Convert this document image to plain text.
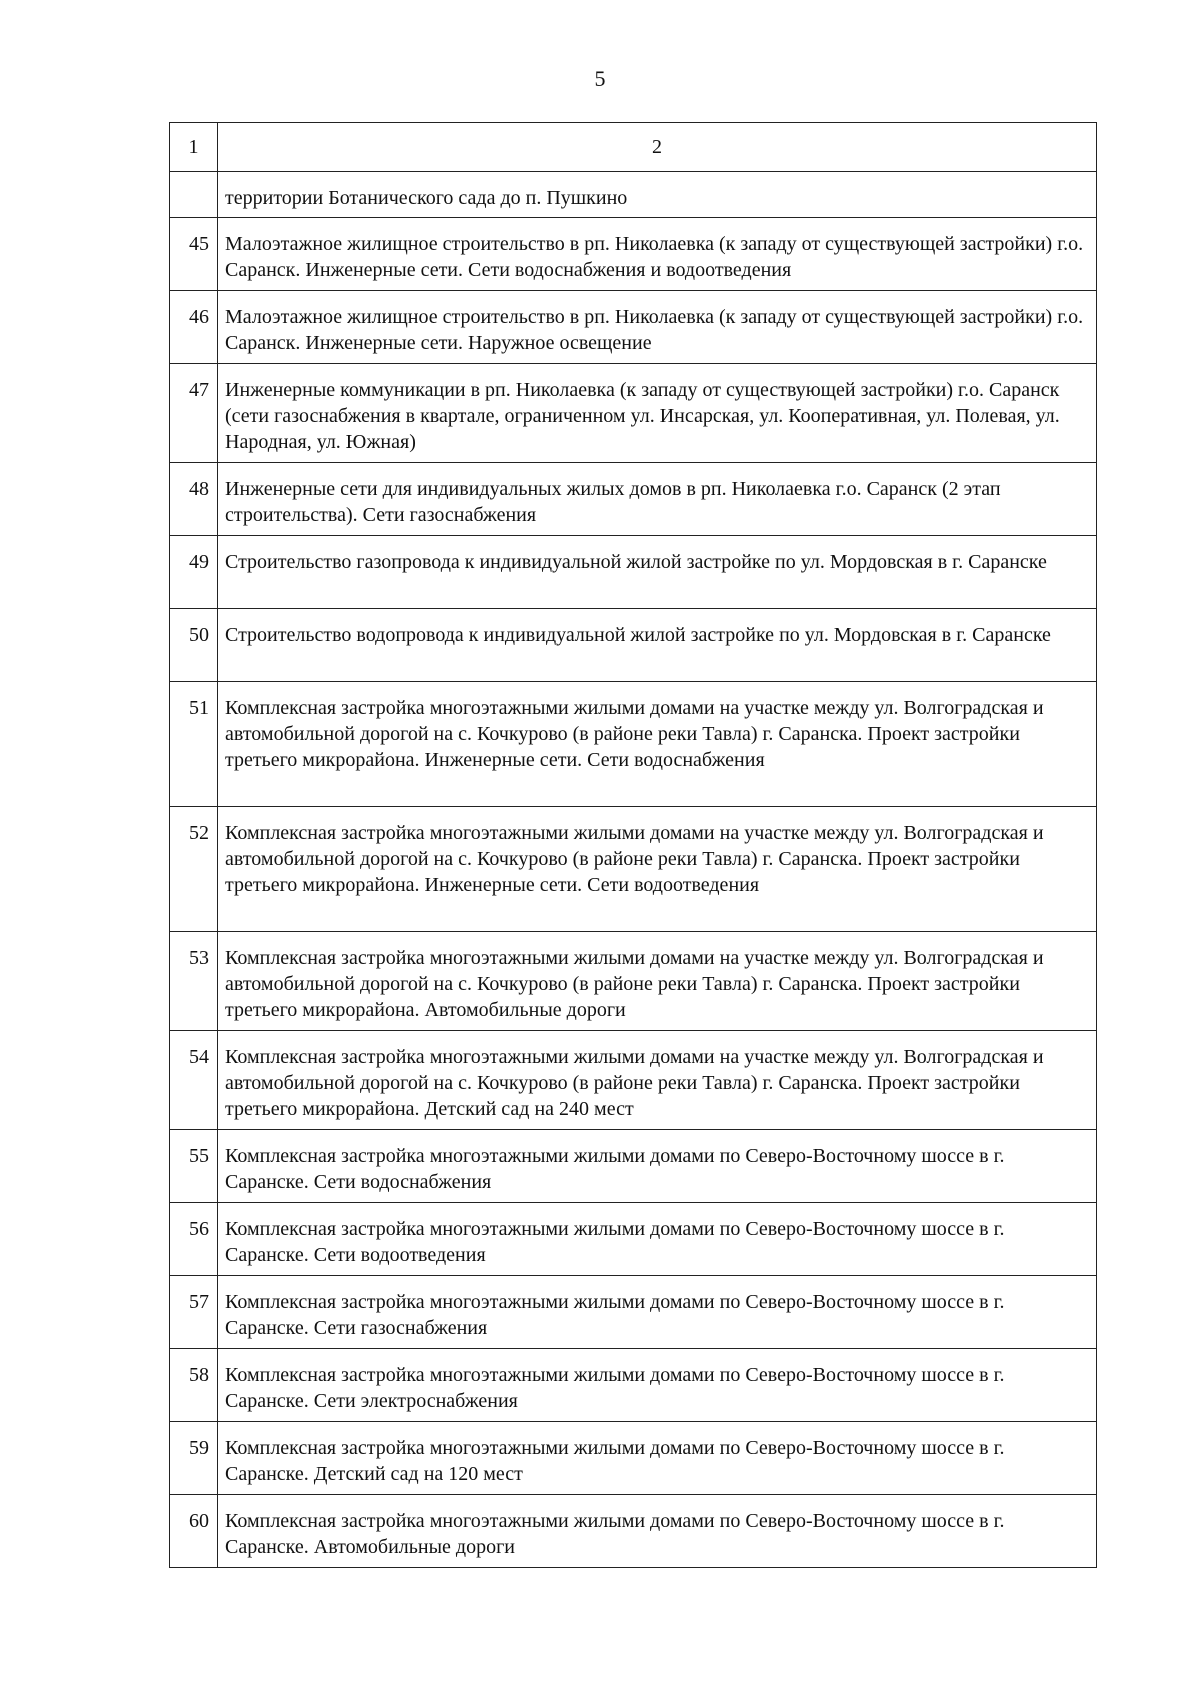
5
1	2
	территории Ботанического сада до п. Пушкино
45	Малоэтажное жилищное строительство в рп. Николаевка (к западу от существующей застройки) г.о. Саранск. Инженерные сети. Сети водоснабжения и водоотведения
46	Малоэтажное жилищное строительство в рп. Николаевка (к западу от существующей застройки) г.о. Саранск. Инженерные сети. Наружное освещение
47	Инженерные коммуникации в рп. Николаевка (к западу от существующей застройки) г.о. Саранск (сети газоснабжения в квартале, ограниченном ул. Инсарская, ул. Кооперативная, ул. Полевая, ул. Народная, ул. Южная)
48	Инженерные сети для индивидуальных жилых домов в рп. Николаевка г.о. Саранск (2 этап строительства). Сети газоснабжения
49	Строительство газопровода к индивидуальной жилой застройке по ул. Мордовская в г. Саранске
50	Строительство водопровода к индивидуальной жилой застройке по ул. Мордовская в г. Саранске
51	Комплексная застройка многоэтажными жилыми домами на участке между ул. Волгоградская и автомобильной дорогой на с. Кочкурово (в районе реки Тавла) г. Саранска. Проект застройки третьего микрорайона. Инженерные сети. Сети водоснабжения
52	Комплексная застройка многоэтажными жилыми домами на участке между ул. Волгоградская и автомобильной дорогой на с. Кочкурово (в районе реки Тавла) г. Саранска. Проект застройки третьего микрорайона. Инженерные сети. Сети водоотведения
53	Комплексная застройка многоэтажными жилыми домами на участке между ул. Волгоградская и автомобильной дорогой на с. Кочкурово (в районе реки Тавла) г. Саранска. Проект застройки третьего микрорайона. Автомобильные дороги
54	Комплексная застройка многоэтажными жилыми домами на участке между ул. Волгоградская и автомобильной дорогой на с. Кочкурово (в районе реки Тавла) г. Саранска. Проект застройки третьего микрорайона. Детский сад на 240 мест
55	Комплексная застройка многоэтажными жилыми домами по Северо-Восточному шоссе в г. Саранске. Сети водоснабжения
56	Комплексная застройка многоэтажными жилыми домами по Северо-Восточному шоссе в г. Саранске. Сети водоотведения
57	Комплексная застройка многоэтажными жилыми домами по Северо-Восточному шоссе в г. Саранске. Сети газоснабжения
58	Комплексная застройка многоэтажными жилыми домами по Северо-Восточному шоссе в г. Саранске. Сети электроснабжения
59	Комплексная застройка многоэтажными жилыми домами по Северо-Восточному шоссе в г. Саранске. Детский сад на 120 мест
60	Комплексная застройка многоэтажными жилыми домами по Северо-Восточному шоссе в г. Саранске. Автомобильные дороги
